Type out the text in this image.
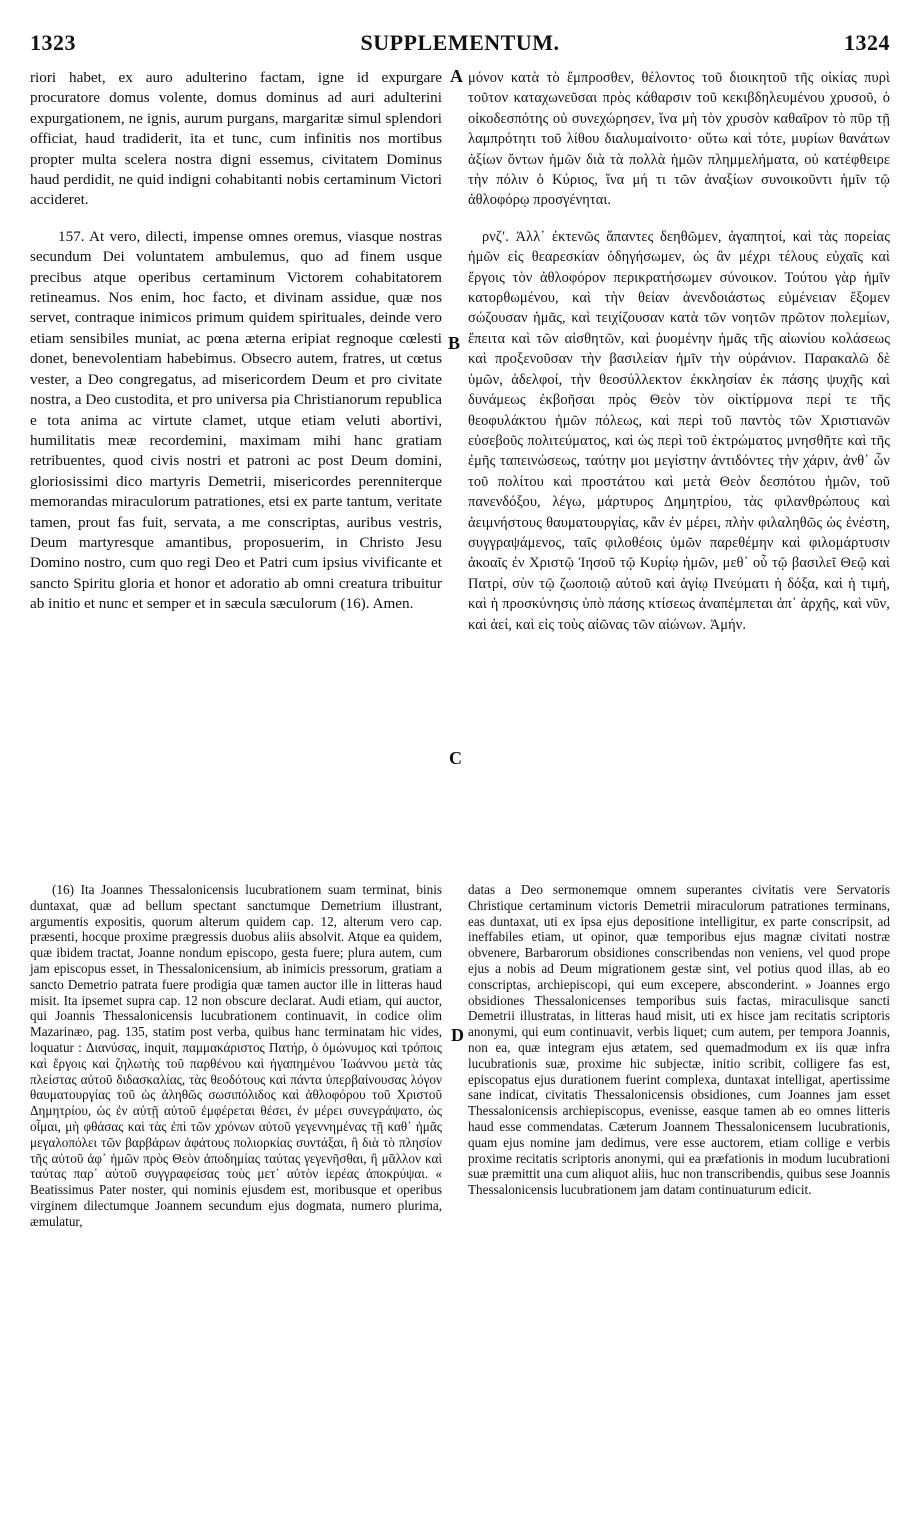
1323	SUPPLEMENTUM.	1324
A
B
C
D

riori habet, ex auro adulterino factam, igne id expurgare procuratore domus volente, domus dominus ad auri adulterini expurgationem, ne ignis, aurum purgans, margaritæ simul splendori officiat, haud tradiderit, ita et tunc, cum infinitis nos mortibus propter multa scelera nostra digni essemus, civitatem Dominus haud perdidit, ne quid indigni cohabitanti nobis certaminum Victori accideret.

157. At vero, dilecti, impense omnes oremus, viasque nostras secundum Dei voluntatem ambulemus, quo ad finem usque precibus atque operibus certaminum Victorem cohabitatorem retineamus. Nos enim, hoc facto, et divinam assidue, quæ nos servet, contraque inimicos primum quidem spirituales, deinde vero etiam sensibiles muniat, ac pœna æterna eripiat regnoque cœlesti donet, benevolentiam habebimus. Obsecro autem, fratres, ut cœtus vester, a Deo congregatus, ad misericordem Deum et pro civitate nostra, a Deo custodita, et pro universa pia Christianorum republica e tota anima ac virtute clamet, utque etiam veluti abortivi, humilitatis meæ recordemini, maximam mihi hanc gratiam retribuentes, quod civis nostri et patroni ac post Deum domini, gloriosissimi dico martyris Demetrii, misericordes perenniterque memorandas miraculorum patrationes, etsi ex parte tantum, veritate tamen, prout fas fuit, servata, a me conscriptas, auribus vestris, Deum martyresque amantibus, proposuerim, in Christo Jesu Domino nostro, cum quo regi Deo et Patri cum ipsius vivificante et sancto Spiritu gloria et honor et adoratio ab omni creatura tribuitur ab initio et nunc et semper et in sæcula sæculorum (16). Amen.

μόνον κατὰ τὸ ἔμπροσθεν, θέλοντος τοῦ διοικητοῦ τῆς οἰκίας πυρὶ τοῦτον καταχωνεῦσαι πρὸς κάθαρσιν τοῦ κεκιβδηλευμένου χρυσοῦ, ὁ οἰκοδεσπότης οὐ συνεχώρησεν, ἵνα μὴ τὸν χρυσὸν καθαῖρον τὸ πῦρ τῇ λαμπρότητι τοῦ λίθου διαλυμαίνοιτο· οὕτω καὶ τότε, μυρίων θανάτων ἀξίων ὄντων ἡμῶν διὰ τὰ πολλὰ ἡμῶν πλημμελήματα, οὐ κατέφθειρε τὴν πόλιν ὁ Κύριος, ἵνα μή τι τῶν ἀναξίων συνοικοῦντι ἡμῖν τῷ ἀθλοφόρῳ προσγένηται.

ρνζʹ. Ἀλλ᾽ ἐκτενῶς ἅπαντες δεηθῶμεν, ἀγαπητοί, καὶ τὰς πορείας ἡμῶν εἰς θεαρεσκίαν ὁδηγήσωμεν, ὡς ἂν μέχρι τέλους εὐχαῖς καὶ ἔργοις τὸν ἀθλοφόρον περικρατήσωμεν σύνοικον. Τούτου γὰρ ἡμῖν κατορθωμένου, καὶ τὴν θείαν ἀνενδοιάστως εὐμένειαν ἕξομεν σώζουσαν ἡμᾶς, καὶ τειχίζουσαν κατὰ τῶν νοητῶν πρῶτον πολεμίων, ἔπειτα καὶ τῶν αἰσθητῶν, καὶ ῥυομένην ἡμᾶς τῆς αἰωνίου κολάσεως καὶ προξενοῦσαν τὴν βασιλείαν ἡμῖν τὴν οὐράνιον. Παρακαλῶ δὲ ὑμῶν, ἀδελφοί, τὴν θεοσύλλεκτον ἐκκλησίαν ἐκ πάσης ψυχῆς καὶ δυνάμεως ἐκβοῆσαι πρὸς Θεὸν τὸν οἰκτίρμονα περί τε τῆς θεοφυλάκτου ἡμῶν πόλεως, καὶ περὶ τοῦ παντὸς τῶν Χριστιανῶν εὐσεβοῦς πολιτεύματος, καὶ ὡς περὶ τοῦ ἐκτρώματος μνησθῆτε καὶ τῆς ἐμῆς ταπεινώσεως, ταύτην μοι μεγίστην ἀντιδόντες τὴν χάριν, ἀνθ᾽ ὧν τοῦ πολίτου καὶ προστάτου καὶ μετὰ Θεὸν δεσπότου ἡμῶν, τοῦ πανενδόξου, λέγω, μάρτυρος Δημητρίου, τὰς φιλανθρώπους καὶ ἀειμνήστους θαυματουργίας, κἂν ἐν μέρει, πλὴν φιλαληθῶς ὡς ἐνέστη, συγγραψάμενος, ταῖς φιλοθέοις ὑμῶν παρεθέμην καὶ φιλομάρτυσιν ἀκοαῖς ἐν Χριστῷ Ἰησοῦ τῷ Κυρίῳ ἡμῶν, μεθ᾽ οὗ τῷ βασιλεῖ Θεῷ καὶ Πατρί, σὺν τῷ ζωοποιῷ αὐτοῦ καὶ ἁγίῳ Πνεύματι ἡ δόξα, καὶ ἡ τιμή, καὶ ἡ προσκύνησις ὑπὸ πάσης κτίσεως ἀναπέμπεται ἀπ᾽ ἀρχῆς, καὶ νῦν, καὶ ἀεί, καὶ εἰς τοὺς αἰῶνας τῶν αἰώνων. Ἀμήν.

(16) Ita Joannes Thessalonicensis lucubrationem suam terminat, binis duntaxat, quæ ad bellum spectant sanctumque Demetrium illustrant, argumentis expositis, quorum alterum quidem cap. 12, alterum vero cap. præsenti, hocque proxime prægressis duobus aliis absolvit. Atque ea quidem, quæ ibidem tractat, Joanne nondum episcopo, gesta fuere; plura autem, cum jam episcopus esset, in Thessalonicensium, ab inimicis pressorum, gratiam a sancto Demetrio patrata fuere prodigia quæ tamen auctor ille in litteras haud misit. Ita ipsemet supra cap. 12 non obscure declarat. Audi etiam, qui auctor, qui Joannis Thessalonicensis lucubrationem continuavit, in codice olim Mazarinæo, pag. 135, statim post verba, quibus hanc terminatam hic vides, loquatur : Διανύσας, inquit, παμμακάριστος Πατήρ, ὁ ὁμώνυμος καὶ τρόποις καὶ ἔργοις καὶ ζηλωτὴς τοῦ παρθένου καὶ ἠγαπημένου Ἰωάννου μετὰ τὰς πλείστας αὐτοῦ διδασκαλίας, τὰς θεοδότους καὶ πάντα ὑπερβαίνουσας λόγον θαυματουργίας τοῦ ὡς ἀληθῶς σωσιπόλιδος καὶ ἀθλοφόρου τοῦ Χριστοῦ Δημητρίου, ὡς ἐν αὐτῇ αὐτοῦ ἐμφέρεται θέσει, ἐν μέρει συνεγράψατο, ὡς οἶμαι, μὴ φθάσας καὶ τὰς ἐπὶ τῶν χρόνων αὐτοῦ γεγεννημένας τῇ καθ᾽ ἡμᾶς μεγαλοπόλει τῶν βαρβάρων ἀφάτους πολιορκίας συντάξαι, ἢ διὰ τὸ πλησίον τῆς αὐτοῦ ἀφ᾽ ἡμῶν πρὸς Θεὸν ἀποδημίας ταύτας γεγενῆσθαι, ἢ μᾶλλον καὶ ταύτας παρ᾽ αὐτοῦ συγγραφείσας τοὺς μετ᾽ αὐτὸν ἱερέας ἀποκρύψαι. « Beatissimus Pater noster, qui nominis ejusdem est, moribusque et operibus virginem dilectumque Joannem secundum ejus dogmata, numero plurima, æmulatur,

datas a Deo sermonemque omnem superantes civitatis vere Servatoris Christique certaminum victoris Demetrii miraculorum patrationes terminans, eas duntaxat, uti ex ipsa ejus depositione intelligitur, ex parte conscripsit, ad ineffabiles etiam, ut opinor, quæ temporibus ejus magnæ civitati nostræ obvenere, Barbarorum obsidiones conscribendas non veniens, vel quod prope ejus a nobis ad Deum migrationem gestæ sint, vel potius quod illas, ab eo conscriptas, archiepiscopi, qui eum excepere, absconderint. » Joannes ergo obsidiones Thessalonicenses temporibus suis factas, miraculisque sancti Demetrii illustratas, in litteras haud misit, uti ex hisce jam recitatis scriptoris anonymi, qui eum continuavit, verbis liquet; cum autem, per tempora Joannis, non ea, quæ integram ejus ætatem, sed quemadmodum ex iis quæ infra lucubrationis suæ, proxime hic subjectæ, initio scribit, colligere fas est, episcopatus ejus durationem fuerint complexa, duntaxat intelligat, apertissime sane indicat, civitatis Thessalonicensis obsidiones, cum Joannes jam esset Thessalonicensis archiepiscopus, evenisse, easque tamen ab eo omnes litteris haud esse commendatas. Cæterum Joannem Thessalonicensem lucubrationis, quam ejus nomine jam dedimus, vere esse auctorem, etiam collige e verbis proxime recitatis scriptoris anonymi, qui ea præfationis in modum lucubrationi suæ præmittit una cum aliquot aliis, huc non transcribendis, quibus sese Joannis Thessalonicensis lucubrationem jam datam continuaturum edicit.
